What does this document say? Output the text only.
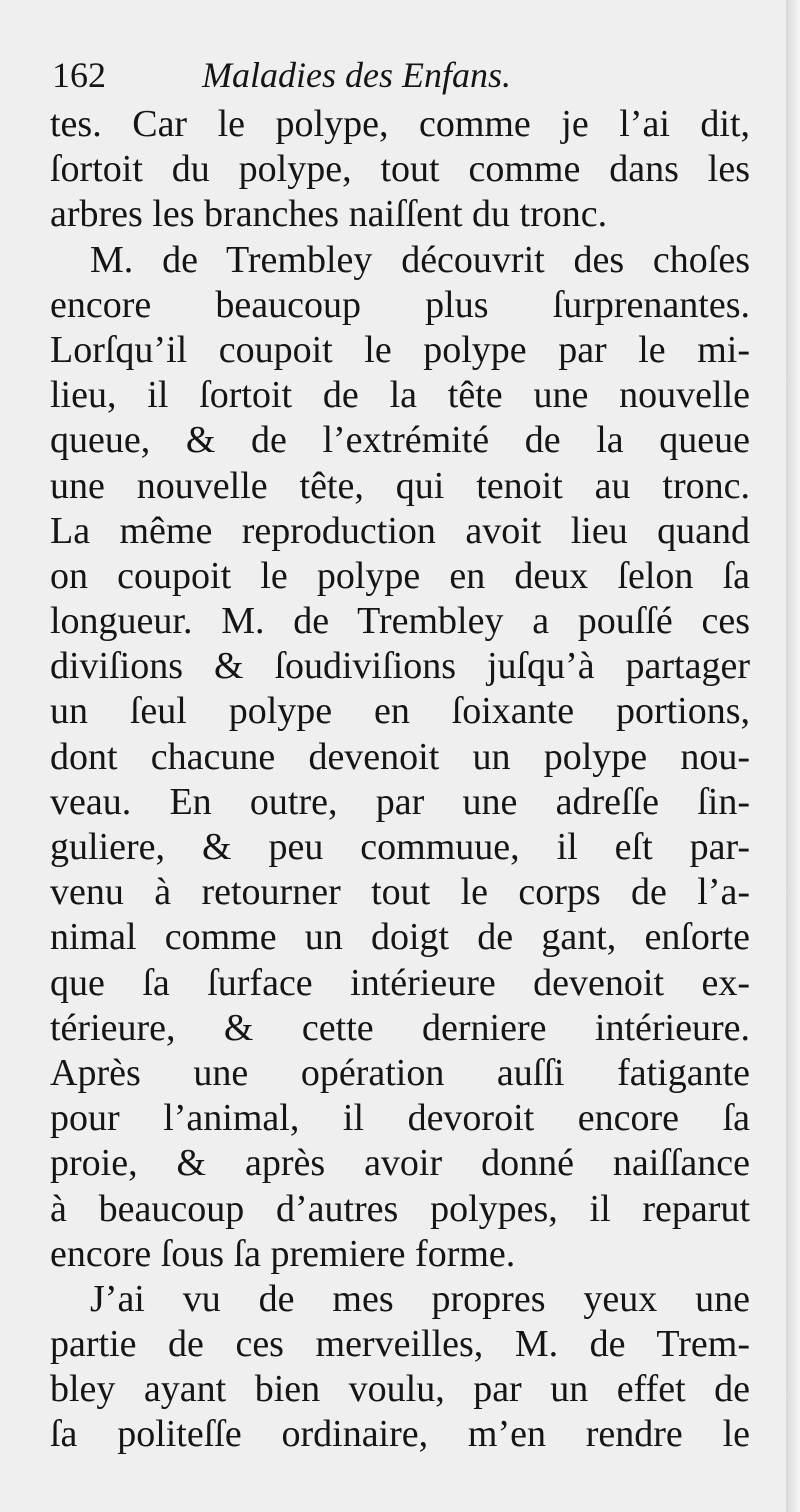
162	Maladies des Enfans.
tes. Car le polype, comme je l’ai dit,
ſortoit du polype, tout comme dans les
arbres les branches naiſſent du tronc.
M. de Trembley découvrit des choſes
encore beaucoup plus ſurprenantes.
Lorſqu’il coupoit le polype par le mi-
lieu, il ſortoit de la tête une nouvelle
queue, & de l’extrémité de la queue
une nouvelle tête, qui tenoit au tronc.
La même reproduction avoit lieu quand
on coupoit le polype en deux ſelon ſa
longueur. M. de Trembley a pouſſé ces
diviſions & ſoudiviſions juſqu’à partager
un ſeul polype en ſoixante portions,
dont chacune devenoit un polype nou-
veau. En outre, par une adreſſe ſin-
guliere, & peu commuue, il eſt par-
venu à retourner tout le corps de l’a-
nimal comme un doigt de gant, enſorte
que ſa ſurface intérieure devenoit ex-
térieure, & cette derniere intérieure.
Après une opération auſſi fatigante
pour l’animal, il devoroit encore ſa
proie, & après avoir donné naiſſance
à beaucoup d’autres polypes, il reparut
encore ſous ſa premiere forme.
J’ai vu de mes propres yeux une
partie de ces merveilles, M. de Trem-
bley ayant bien voulu, par un effet de
ſa politeſſe ordinaire, m’en rendre le
